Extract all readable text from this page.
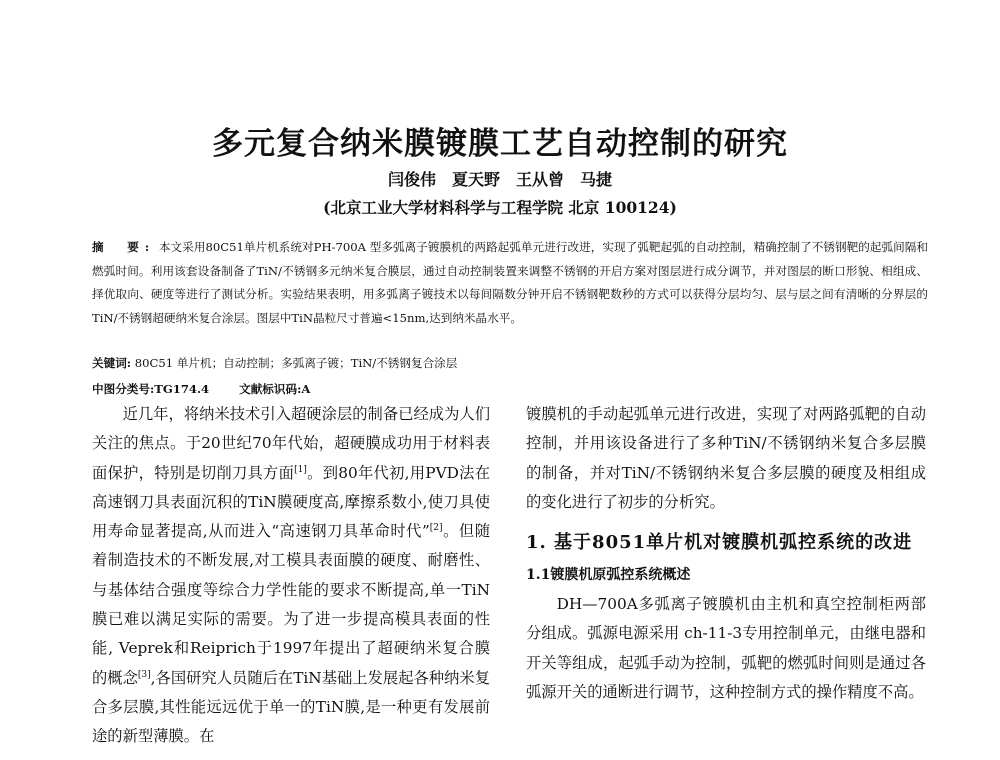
多元复合纳米膜镀膜工艺自动控制的研究
闫俊伟　夏天野　王从曾　马捷
(北京工业大学材料科学与工程学院 北京 100124)

摘　要: 本文采用80C51单片机系统对PH-700A 型多弧离子镀膜机的两路起弧单元进行改进，实现了弧靶起弧的自动控制，精确控制了不锈钢靶的起弧间隔和燃弧时间。利用该套设备制备了TiN/不锈钢多元纳米复合膜层，通过自动控制装置来调整不锈钢的开启方案对图层进行成分调节，并对图层的断口形貌、相组成、择优取向、硬度等进行了测试分析。实验结果表明，用多弧离子镀技术以每间隔数分钟开启不锈钢靶数秒的方式可以获得分层均匀、层与层之间有清晰的分界层的TiN/不锈钢超硬纳米复合涂层。图层中TiN晶粒尺寸普遍<15nm,达到纳米晶水平。

关键词: 80C51 单片机；自动控制；多弧离子镀；TiN/不锈钢复合涂层

中图分类号:TG174.4	文献标识码:A

近几年，将纳米技术引入超硬涂层的制备已经成为人们关注的焦点。于20世纪70年代始，超硬膜成功用于材料表面保护，特别是切削刀具方面[1]。到80年代初,用PVD法在高速钢刀具表面沉积的TiN膜硬度高,摩擦系数小,使刀具使用寿命显著提高,从而进入“高速钢刀具革命时代”[2]。但随着制造技术的不断发展,对工模具表面膜的硬度、耐磨性、与基体结合强度等综合力学性能的要求不断提高,单一TiN膜已难以满足实际的需要。为了进一步提高模具表面的性能, Veprek和Reiprich于1997年提出了超硬纳米复合膜的概念[3],各国研究人员随后在TiN基础上发展起各种纳米复合多层膜,其性能远远优于单一的TiN膜,是一种更有发展前途的新型薄膜。在

镀膜机的手动起弧单元进行改进，实现了对两路弧靶的自动控制，并用该设备进行了多种TiN/不锈钢纳米复合多层膜的制备，并对TiN/不锈钢纳米复合多层膜的硬度及相组成的变化进行了初步的分析究。

1. 基于8051单片机对镀膜机弧控系统的改进
1.1镀膜机原弧控系统概述

DH—700A多弧离子镀膜机由主机和真空控制柜两部分组成。弧源电源采用 ch-11-3专用控制单元，由继电器和开关等组成，起弧手动为控制，弧靶的燃弧时间则是通过各弧源开关的通断进行调节，这种控制方式的操作精度不高。
